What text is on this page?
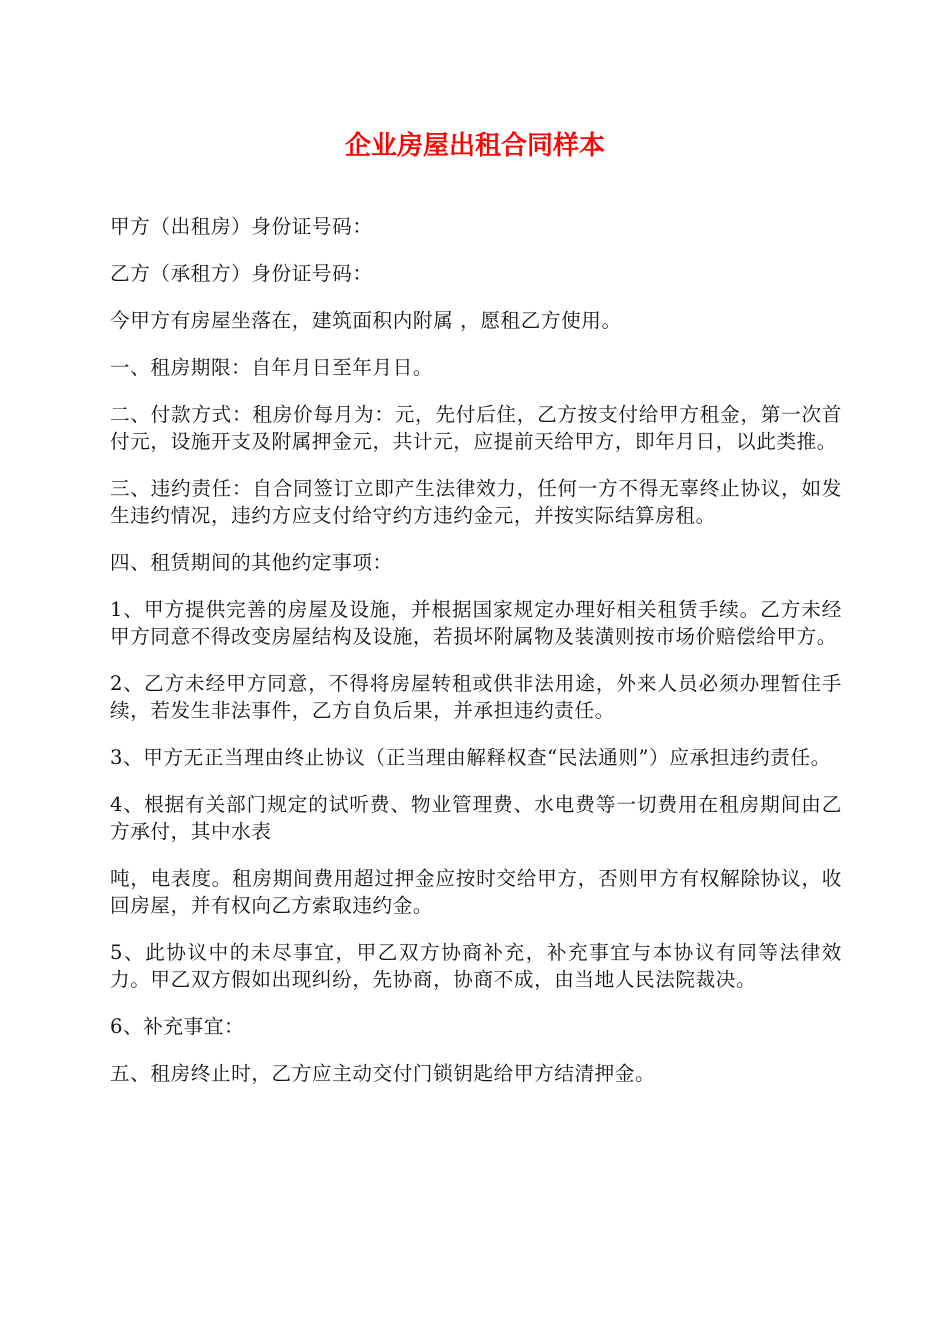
企业房屋出租合同样本

甲方（出租房）身份证号码：

乙方（承租方）身份证号码：

今甲方有房屋坐落在，建筑面积内附属 ，愿租乙方使用。

一、租房期限：自年月日至年月日。

二、付款方式：租房价每月为：元，先付后住，乙方按支付给甲方租金，第一次首付元，设施开支及附属押金元，共计元，应提前天给甲方，即年月日，以此类推。

三、违约责任：自合同签订立即产生法律效力，任何一方不得无辜终止协议，如发生违约情况，违约方应支付给守约方违约金元，并按实际结算房租。

四、租赁期间的其他约定事项：

1、甲方提供完善的房屋及设施，并根据国家规定办理好相关租赁手续。乙方未经甲方同意不得改变房屋结构及设施，若损坏附属物及装潢则按市场价赔偿给甲方。

2、乙方未经甲方同意，不得将房屋转租或供非法用途，外来人员必须办理暂住手续，若发生非法事件，乙方自负后果，并承担违约责任。

3、甲方无正当理由终止协议（正当理由解释权查“民法通则”）应承担违约责任。

4、根据有关部门规定的试听费、物业管理费、水电费等一切费用在租房期间由乙方承付，其中水表

吨，电表度。租房期间费用超过押金应按时交给甲方，否则甲方有权解除协议，收回房屋，并有权向乙方索取违约金。

5、此协议中的未尽事宜，甲乙双方协商补充，补充事宜与本协议有同等法律效力。甲乙双方假如出现纠纷，先协商，协商不成，由当地人民法院裁决。

6、补充事宜：

五、租房终止时，乙方应主动交付门锁钥匙给甲方结清押金。
